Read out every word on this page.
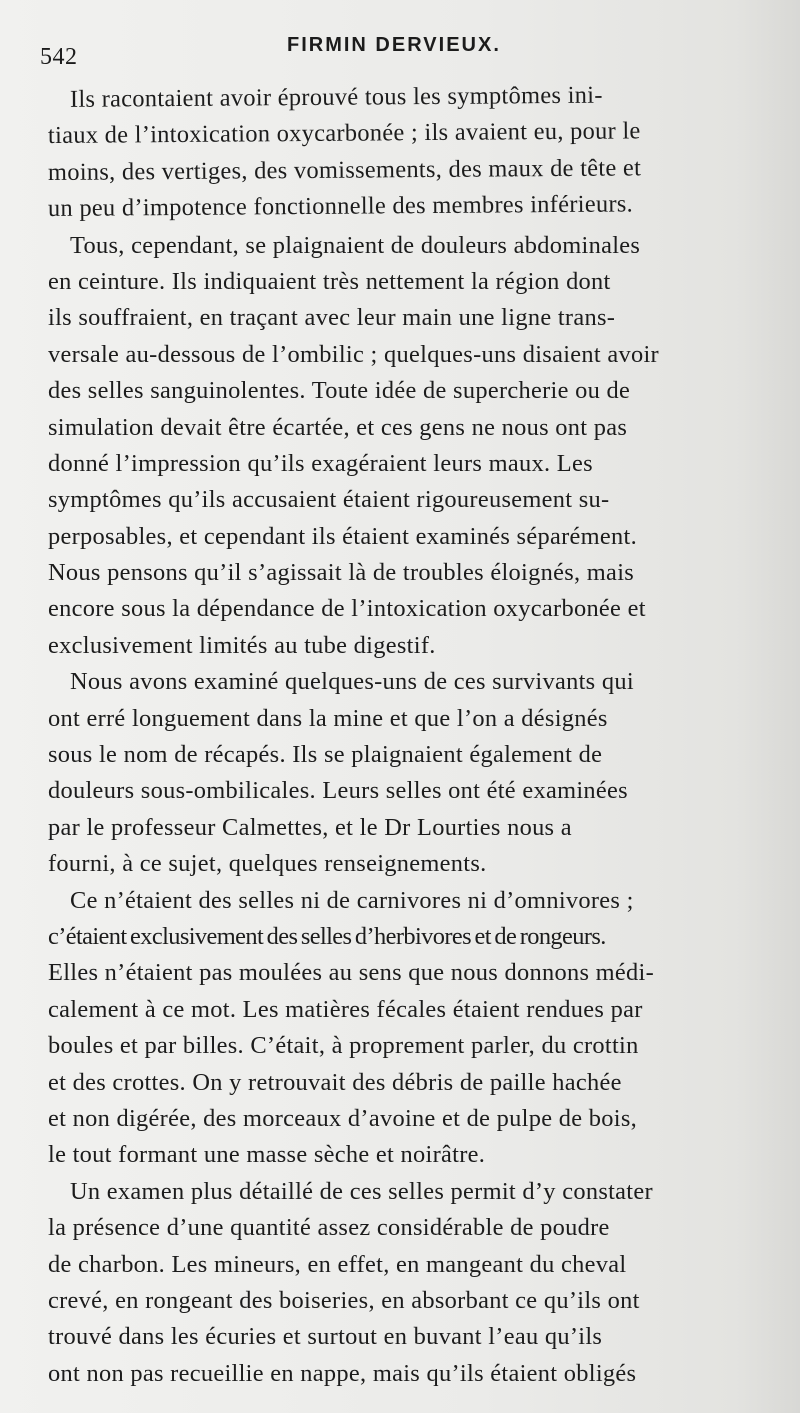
542	FIRMIN DERVIEUX.
Ils racontaient avoir éprouvé tous les symptômes ini-
tiaux de l’intoxication oxycarbonée ; ils avaient eu, pour le
moins, des vertiges, des vomissements, des maux de tête et
un peu d’impotence fonctionnelle des membres inférieurs.
Tous, cependant, se plaignaient de douleurs abdominales
en ceinture. Ils indiquaient très nettement la région dont
ils souffraient, en traçant avec leur main une ligne trans-
versale au-dessous de l’ombilic ; quelques-uns disaient avoir
des selles sanguinolentes. Toute idée de supercherie ou de
simulation devait être écartée, et ces gens ne nous ont pas
donné l’impression qu’ils exagéraient leurs maux. Les
symptômes qu’ils accusaient étaient rigoureusement su-
perposables, et cependant ils étaient examinés séparément.
Nous pensons qu’il s’agissait là de troubles éloignés, mais
encore sous la dépendance de l’intoxication oxycarbonée et
exclusivement limités au tube digestif.
Nous avons examiné quelques-uns de ces survivants qui
ont erré longuement dans la mine et que l’on a désignés
sous le nom de récapés. Ils se plaignaient également de
douleurs sous-ombilicales. Leurs selles ont été examinées
par le professeur Calmettes, et le Dr Lourties nous a
fourni, à ce sujet, quelques renseignements.
Ce n’étaient des selles ni de carnivores ni d’omnivores ;
c’étaient exclusivement des selles d’herbivores et de rongeurs.
Elles n’étaient pas moulées au sens que nous donnons médi-
calement à ce mot. Les matières fécales étaient rendues par
boules et par billes. C’était, à proprement parler, du crottin
et des crottes. On y retrouvait des débris de paille hachée
et non digérée, des morceaux d’avoine et de pulpe de bois,
le tout formant une masse sèche et noirâtre.
Un examen plus détaillé de ces selles permit d’y constater
la présence d’une quantité assez considérable de poudre
de charbon. Les mineurs, en effet, en mangeant du cheval
crevé, en rongeant des boiseries, en absorbant ce qu’ils ont
trouvé dans les écuries et surtout en buvant l’eau qu’ils
ont non pas recueillie en nappe, mais qu’ils étaient obligés
